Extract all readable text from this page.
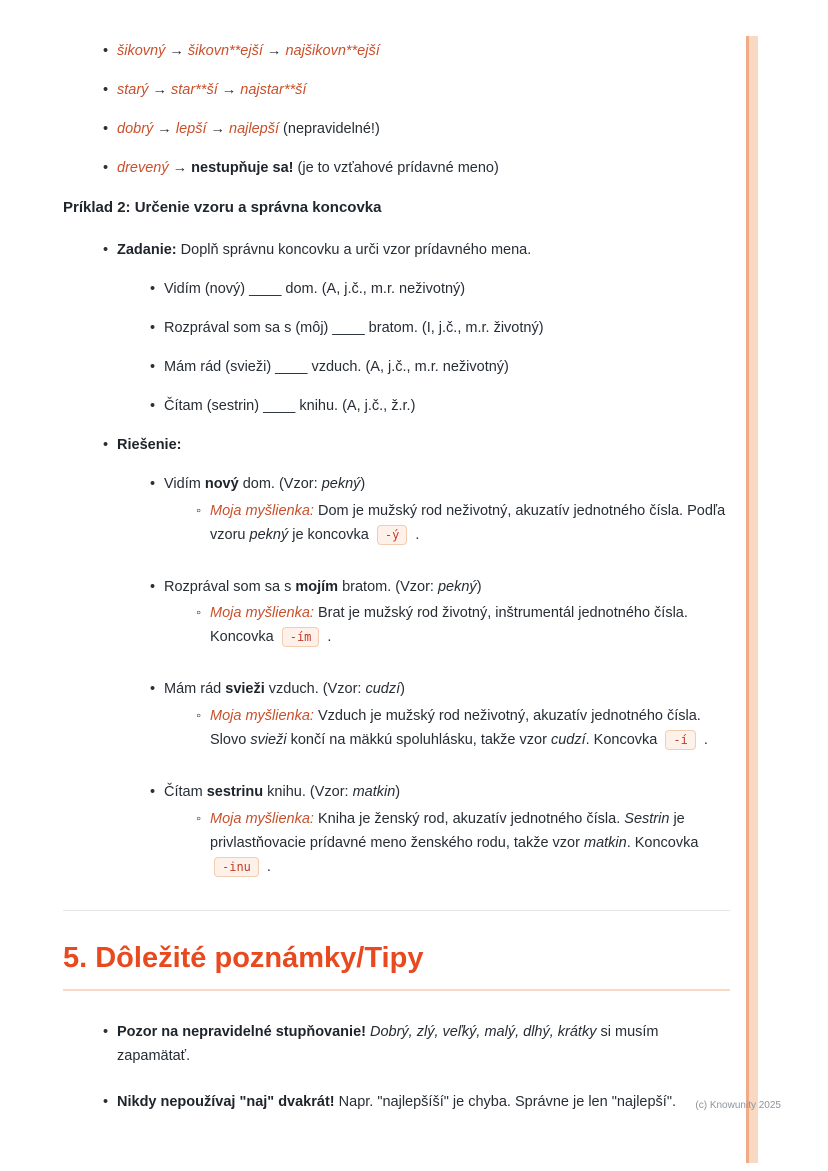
• šikovný → šikovn**ejší → najšikovn**ejší
• starý → star**ší → najstar**ší
• dobrý → lepší → najlepší (nepravidelné!)
• drevený → nestupňuje sa! (je to vzťahové prídavné meno)
Príklad 2: Určenie vzoru a správna koncovka
• Zadanie: Doplň správnu koncovku a urči vzor prídavného mena.
• Vidím (nový) ____ dom. (A, j.č., m.r. neživotný)
• Rozprával som sa s (môj) ____ bratom. (I, j.č., m.r. životný)
• Mám rád (svieži) ____ vzduch. (A, j.č., m.r. neživotný)
• Čítam (sestrin) ____ knihu. (A, j.č., ž.r.)
• Riešenie:
• Vidím nový dom. (Vzor: pekný)
◦ Moja myšlienka: Dom je mužský rod neživotný, akuzatív jednotného čísla. Podľa vzoru pekný je koncovka -ý .
• Rozprával som sa s mojím bratom. (Vzor: pekný)
◦ Moja myšlienka: Brat je mužský rod životný, inštrumentál jednotného čísla. Koncovka -ím .
• Mám rád svieži vzduch. (Vzor: cudzí)
◦ Moja myšlienka: Vzduch je mužský rod neživotný, akuzatív jednotného čísla. Slovo svieži končí na mäkkú spoluhlásku, takže vzor cudzí. Koncovka -í .
• Čítam sestrinu knihu. (Vzor: matkin)
◦ Moja myšlienka: Kniha je ženský rod, akuzatív jednotného čísla. Sestrin je privlastňovacie prídavné meno ženského rodu, takže vzor matkin. Koncovka -inu .
5. Dôležité poznámky/Tipy
• Pozor na nepravidelné stupňovanie! Dobrý, zlý, veľký, malý, dlhý, krátky si musím zapamätať.
• Nikdy nepoužívaj "naj" dvakrát! Napr. "najlepšíší" je chyba. Správne je len "najlepší".	(c) Knowunity 2025
